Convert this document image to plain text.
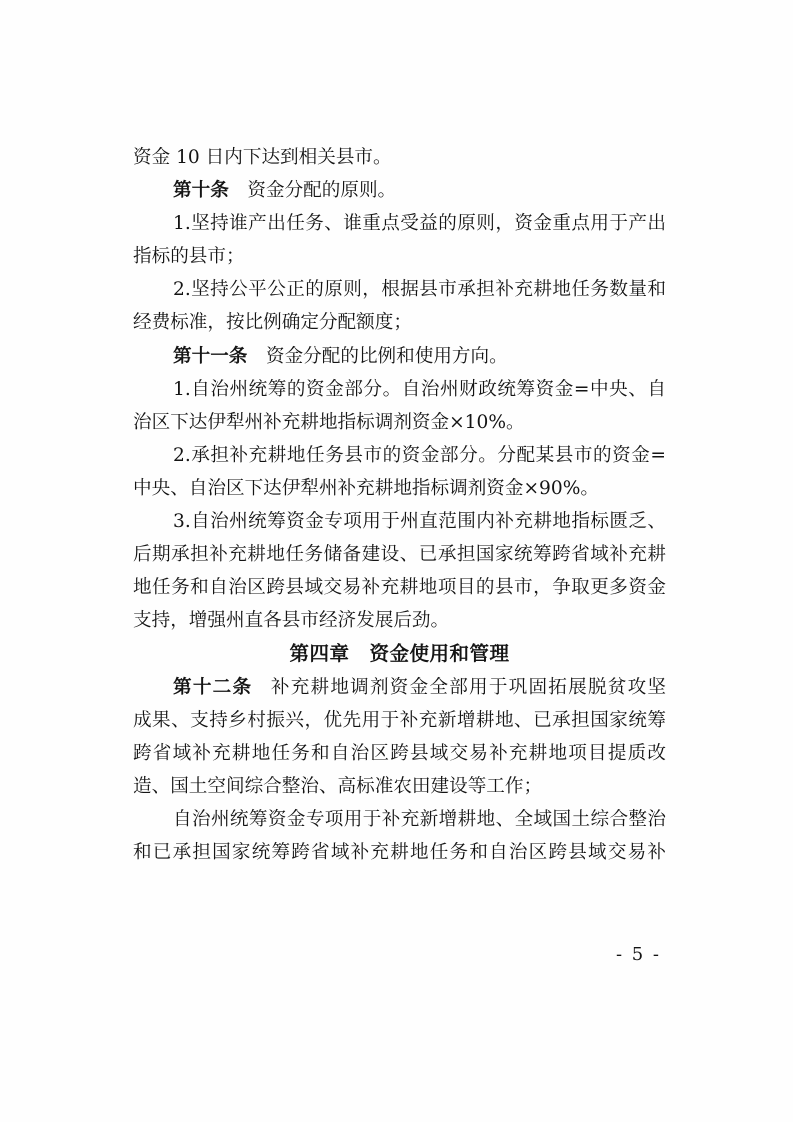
资金 10 日内下达到相关县市。
第十条 资金分配的原则。
1.坚持谁产出任务、谁重点受益的原则，资金重点用于产出
指标的县市；
2.坚持公平公正的原则，根据县市承担补充耕地任务数量和
经费标准，按比例确定分配额度；
第十一条 资金分配的比例和使用方向。
1.自治州统筹的资金部分。自治州财政统筹资金=中央、自
治区下达伊犁州补充耕地指标调剂资金×10%。
2.承担补充耕地任务县市的资金部分。分配某县市的资金=
中央、自治区下达伊犁州补充耕地指标调剂资金×90%。
3.自治州统筹资金专项用于州直范围内补充耕地指标匮乏、
后期承担补充耕地任务储备建设、已承担国家统筹跨省域补充耕
地任务和自治区跨县域交易补充耕地项目的县市，争取更多资金
支持，增强州直各县市经济发展后劲。
第四章　资金使用和管理
第十二条 补充耕地调剂资金全部用于巩固拓展脱贫攻坚
成果、支持乡村振兴，优先用于补充新增耕地、已承担国家统筹
跨省域补充耕地任务和自治区跨县域交易补充耕地项目提质改
造、国土空间综合整治、高标准农田建设等工作；
自治州统筹资金专项用于补充新增耕地、全域国土综合整治
和已承担国家统筹跨省域补充耕地任务和自治区跨县域交易补
- 5 -
